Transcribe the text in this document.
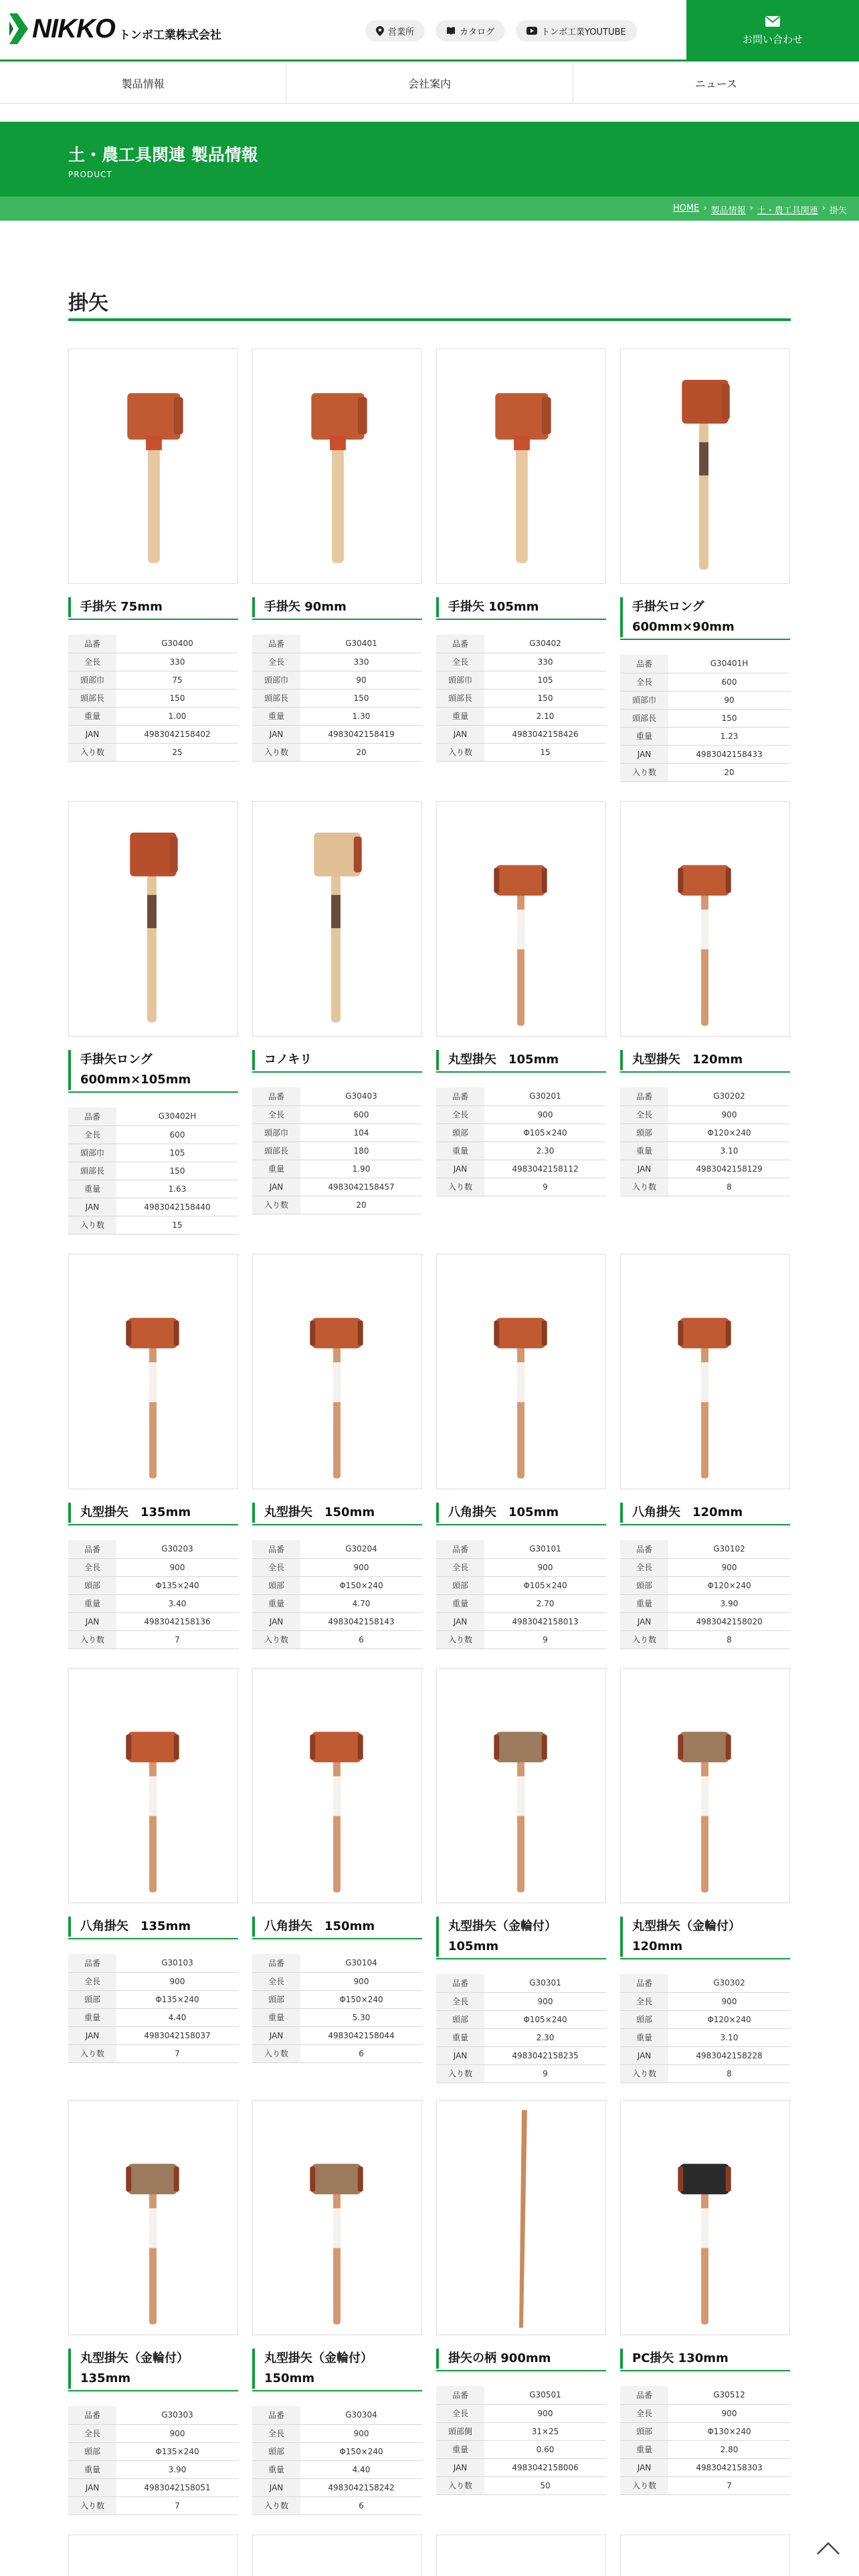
NIKKO トンボ工業株式会社	営業所	カタログ	トンボ工業YOUTUBE
お問い合わせ
製品情報	会社案内	ニュース
土・農工具関連 製品情報
PRODUCT
HOME › 製品情報 › 土・農工具関連 › 掛矢
掛矢
手掛矢 75mm
品番	G30400
全長	330
頭部巾	75
頭部長	150
重量	1.00
JAN	4983042158402
入り数	25
手掛矢 90mm
品番	G30401
全長	330
頭部巾	90
頭部長	150
重量	1.30
JAN	4983042158419
入り数	20
手掛矢 105mm
品番	G30402
全長	330
頭部巾	105
頭部長	150
重量	2.10
JAN	4983042158426
入り数	15
手掛矢ロング 600mm×90mm
品番	G30401H
全長	600
頭部巾	90
頭部長	150
重量	1.23
JAN	4983042158433
入り数	20
手掛矢ロング 600mm×105mm
品番	G30402H
全長	600
頭部巾	105
頭部長	150
重量	1.63
JAN	4983042158440
入り数	15
コノキリ
品番	G30403
全長	600
頭部巾	104
頭部長	180
重量	1.90
JAN	4983042158457
入り数	20
丸型掛矢　105mm
品番	G30201
全長	900
頭部	Φ105×240
重量	2.30
JAN	4983042158112
入り数	9
丸型掛矢　120mm
品番	G30202
全長	900
頭部	Φ120×240
重量	3.10
JAN	4983042158129
入り数	8
丸型掛矢　135mm
品番	G30203
全長	900
頭部	Φ135×240
重量	3.40
JAN	4983042158136
入り数	7
丸型掛矢　150mm
品番	G30204
全長	900
頭部	Φ150×240
重量	4.70
JAN	4983042158143
入り数	6
八角掛矢　105mm
品番	G30101
全長	900
頭部	Φ105×240
重量	2.70
JAN	4983042158013
入り数	9
八角掛矢　120mm
品番	G30102
全長	900
頭部	Φ120×240
重量	3.90
JAN	4983042158020
入り数	8
八角掛矢　135mm
品番	G30103
全長	900
頭部	Φ135×240
重量	4.40
JAN	4983042158037
入り数	7
八角掛矢　150mm
品番	G30104
全長	900
頭部	Φ150×240
重量	5.30
JAN	4983042158044
入り数	6
丸型掛矢（金輪付） 105mm
品番	G30301
全長	900
頭部	Φ105×240
重量	2.30
JAN	4983042158235
入り数	9
丸型掛矢（金輪付） 120mm
品番	G30302
全長	900
頭部	Φ120×240
重量	3.10
JAN	4983042158228
入り数	8
丸型掛矢（金輪付） 135mm
品番	G30303
全長	900
頭部	Φ135×240
重量	3.90
JAN	4983042158051
入り数	7
丸型掛矢（金輪付） 150mm
品番	G30304
全長	900
頭部	Φ150×240
重量	4.40
JAN	4983042158242
入り数	6
掛矢の柄 900mm
品番	G30501
全長	900
頭部側	31×25
重量	0.60
JAN	4983042158006
入り数	50
PC掛矢 130mm
品番	G30512
全長	900
頭部	Φ130×240
重量	2.80
JAN	4983042158303
入り数	7
